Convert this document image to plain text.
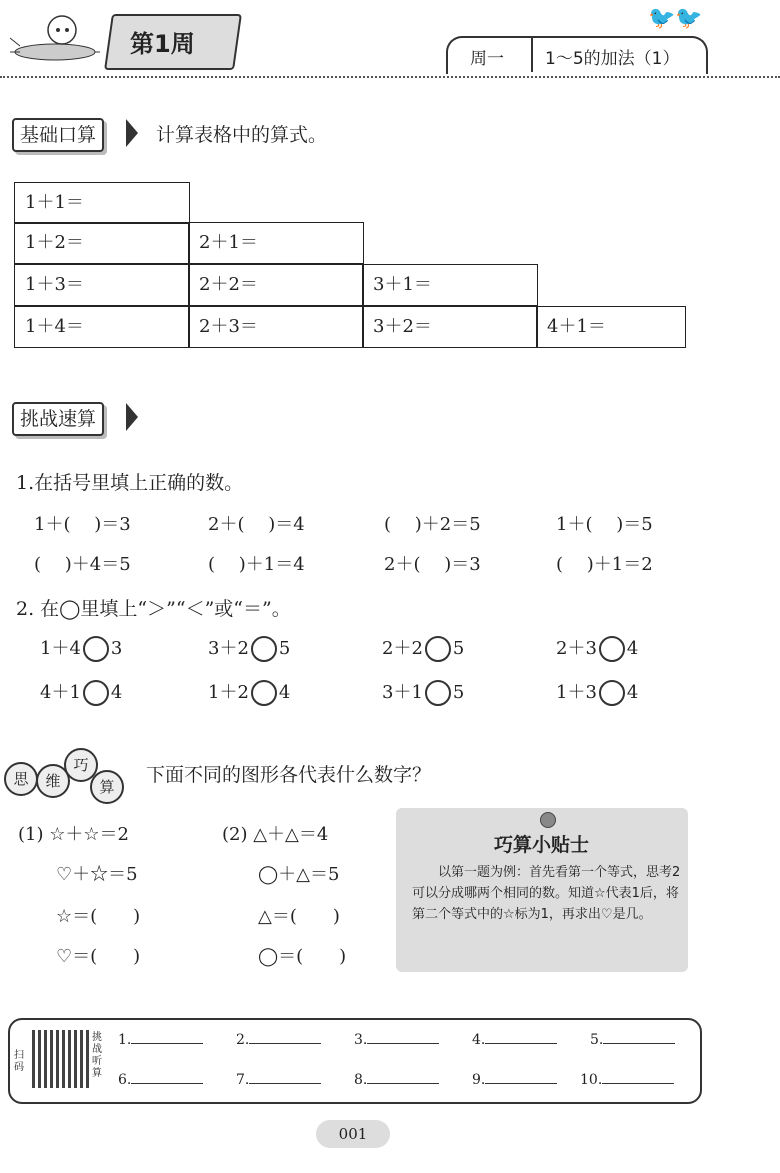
第1周
🐦🐦
周一 1～5的加法（1）
基础口算	计算表格中的算式。
1＋1＝
1＋2＝	2＋1＝
1＋3＝	2＋2＝	3＋1＝
1＋4＝	2＋3＝	3＋2＝	4＋1＝
挑战速算
1.在括号里填上正确的数。
1＋(　 )＝3	2＋(　 )＝4	(　 )＋2＝5	1＋(　 )＝5
(　 )＋4＝5	(　 )＋1＝4	2＋(　 )＝3	(　 )＋1＝2
2. 在◯里填上“＞”“＜”或“＝”。
1＋4 3	3＋2 5	2＋2 5	2＋3 4
4＋1 4	1＋2 4	3＋1 5	1＋3 4
思	维
巧
算
下面不同的图形各代表什么数字？
(1) ☆＋☆＝2
♡＋☆＝5
☆＝(　　)
♡＝(　　)
(2) △＋△＝4
◯＋△＝5
△＝(　　)
◯＝(　　)
巧算小贴士
以第一题为例：首先看第一个等式，思考2可以分成哪两个相同的数。知道☆代表1后，将第二个等式中的☆标为1，再求出♡是几。
扫码
挑战听算
1.	2.	3.	4.	5.
6.	7.	8.	9.	10.
001
